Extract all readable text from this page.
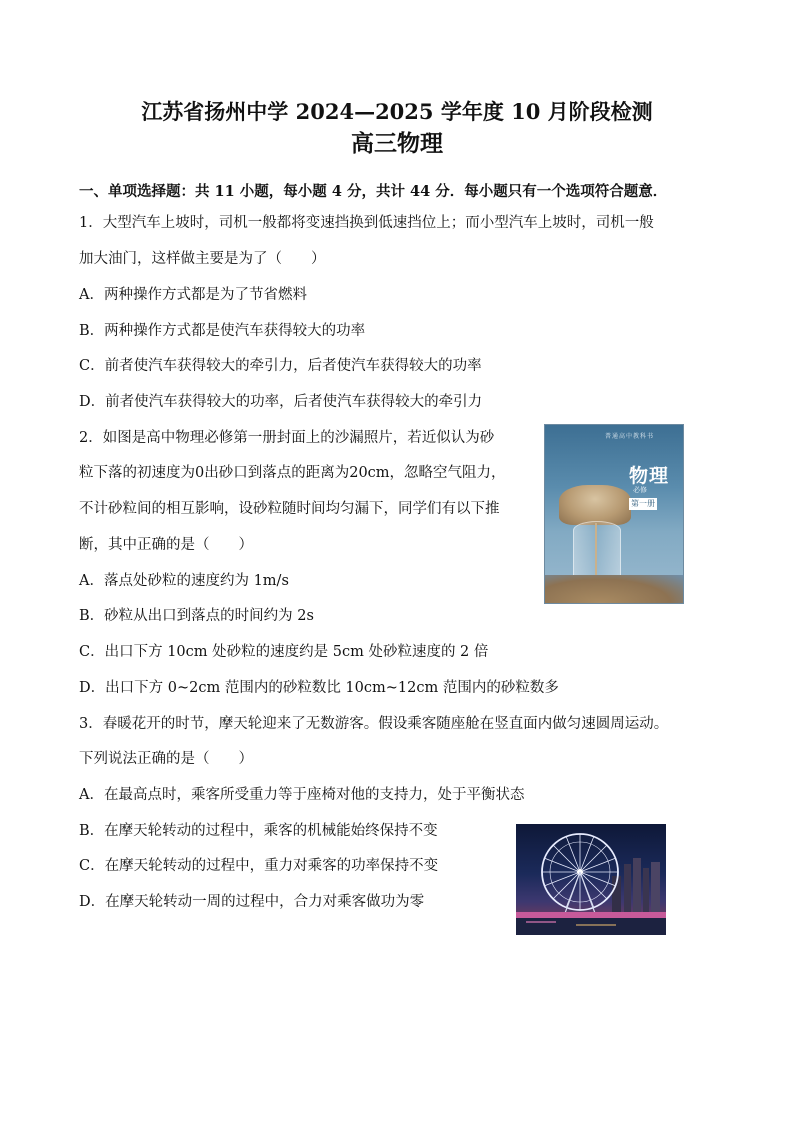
江苏省扬州中学 2024—2025 学年度 10 月阶段检测
高三物理
一、单项选择题：共 11 小题，每小题 4 分，共计 44 分．每小题只有一个选项符合题意．
1．大型汽车上坡时，司机一般都将变速挡换到低速挡位上；而小型汽车上坡时，司机一般
加大油门，这样做主要是为了（　　）
A．两种操作方式都是为了节省燃料
B．两种操作方式都是使汽车获得较大的功率
C．前者使汽车获得较大的牵引力，后者使汽车获得较大的功率
D．前者使汽车获得较大的功率，后者使汽车获得较大的牵引力
2．如图是高中物理必修第一册封面上的沙漏照片，若近似认为砂
粒下落的初速度为0出砂口到落点的距离为20cm，忽略空气阻力，
不计砂粒间的相互影响，设砂粒随时间均匀漏下，同学们有以下推
断，其中正确的是（　　）
A．落点处砂粒的速度约为 1m/s
B．砂粒从出口到落点的时间约为 2s
C．出口下方 10cm 处砂粒的速度约是 5cm 处砂粒速度的 2 倍
D．出口下方 0~2cm 范围内的砂粒数比 10cm~12cm 范围内的砂粒数多
普通高中教科书
物理
必修
第一册
3．春暖花开的时节，摩天轮迎来了无数游客。假设乘客随座舱在竖直面内做匀速圆周运动。
下列说法正确的是（　　）
A．在最高点时，乘客所受重力等于座椅对他的支持力，处于平衡状态
B．在摩天轮转动的过程中，乘客的机械能始终保持不变
C．在摩天轮转动的过程中，重力对乘客的功率保持不变
D．在摩天轮转动一周的过程中，合力对乘客做功为零
